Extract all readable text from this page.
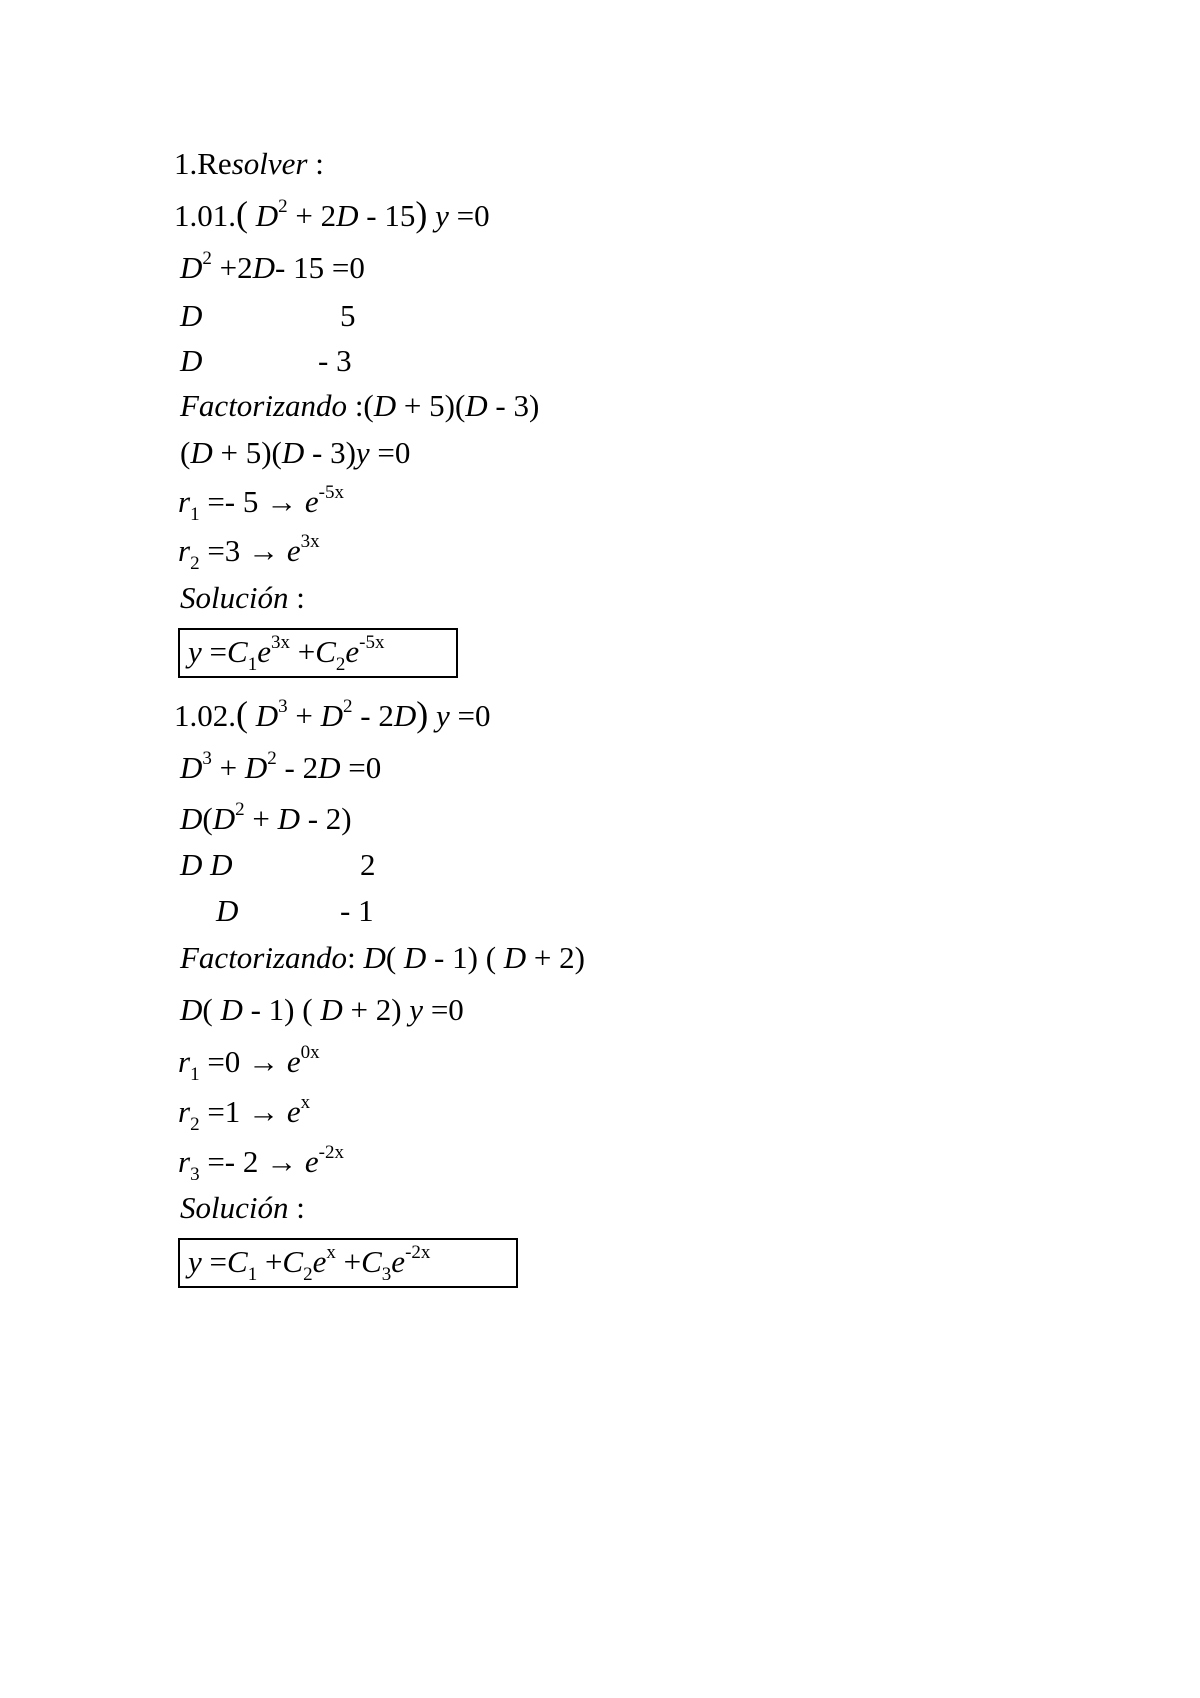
1.Resolver :
1.01.( $D^2 + 2D - 15$) y =0
$D^2 +2D-$ 15 =0
D	5
D	- 3
Factorizando :(D + 5)(D - 3)
(D + 5)(D - 3)y =0
$r_1 =- 5 \to e^{-5x}$
$r_2 =3 \to e^{3x}$
Solución :
$y =C_1e^{3x} +C_2e^{-5x}$
1.02.( $D^3 + D^2 - 2D$) y =0
$D^3 + D^2 - 2D =0$
$D(D^2 + D - 2)$
D D	2
D	- 1
Factorizando: D( D - 1) ( D + 2)
D( D - 1) ( D + 2) y =0
$r_1 =0 \to e^{0x}$
$r_2 =1 \to e^x$
$r_3 =- 2 \to e^{-2x}$
Solución :
$y =C_1 +C_2e^x +C_3e^{-2x}$
